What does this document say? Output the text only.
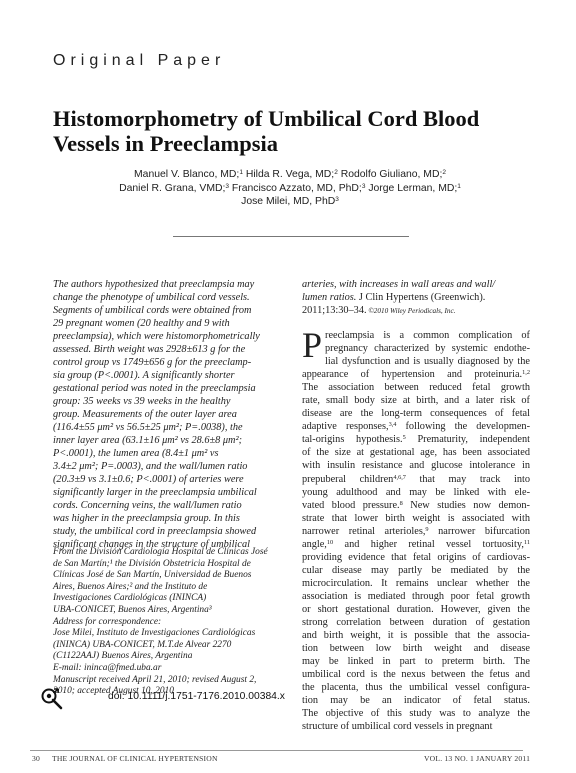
Original Paper
Histomorphometry of Umbilical Cord Blood
Vessels in Preeclampsia
Manuel V. Blanco, MD;$^1$ Hilda R. Vega, MD;$^2$ Rodolfo Giuliano, MD;$^2$
Daniel R. Grana, VMD;$^3$ Francisco Azzato, MD, PhD;$^3$ Jorge Lerman, MD;$^1$
Jose Milei, MD, PhD$^3$
The authors hypothesized that preeclampsia may
change the phenotype of umbilical cord vessels.
Segments of umbilical cords were obtained from
29 pregnant women (20 healthy and 9 with
preeclampsia), which were histomorphometrically
assessed. Birth weight was 2928±613 g for the
control group vs 1749±656 g for the preeclamp-
sia group (P<.0001). A significantly shorter
gestational period was noted in the preeclampsia
group: 35 weeks vs 39 weeks in the healthy
group. Measurements of the outer layer area
(116.4±55 μm² vs 56.5±25 μm²; P=.0038), the
inner layer area (63.1±16 μm² vs 28.6±8 μm²;
P<.0001), the lumen area (8.4±1 μm² vs
3.4±2 μm²; P=.0003), and the wall/lumen ratio
(20.3±9 vs 3.1±0.6; P<.0001) of arteries were
significantly larger in the preeclampsia umbilical
cords. Concerning veins, the wall/lumen ratio
was higher in the preeclampsia group. In this
study, the umbilical cord in preeclampsia showed
significant changes in the structure of umbilical
From the División Cardiología Hospital de Clínicas José
de San Martín;¹ the División Obstetricia Hospital de
Clínicas José de San Martín, Universidad de Buenos
Aires, Buenos Aires;² and the Instituto de
Investigaciones Cardiológicas (ININCA)
UBA-CONICET, Buenos Aires, Argentina³
Address for correspondence:
Jose Milei, Instituto de Investigaciones Cardiológicas
(ININCA) UBA-CONICET, M.T.de Alvear 2270
(C1122AAJ) Buenos Aires, Argentina
E-mail: ininca@fmed.uba.ar
Manuscript received April 21, 2010; revised August 2,
2010; accepted August 10, 2010
doi: 10.1111/j.1751-7176.2010.00384.x
arteries, with increases in wall areas and wall/
lumen ratios. J Clin Hypertens (Greenwich).
2011;13:30–34. ©2010 Wiley Periodicals, Inc.
P reeclampsia is a common complication of
pregnancy characterized by systemic endothe-
lial dysfunction and is usually diagnosed by the
appearance of hypertension and proteinuria.$^{1,2}$
The association between reduced fetal growth
rate, small body size at birth, and a later risk of
disease are the long-term consequences of fetal
adaptive responses,$^{3,4}$ following the developmen-
tal-origins hypothesis.$^5$ Prematurity, independent
of the size at gestational age, has been associated
with insulin resistance and glucose intolerance in
prepuberal children$^{4,6,7}$ that may track into
young adulthood and may be linked with ele-
vated blood pressure.$^8$ New studies now demon-
strate that lower birth weight is associated with
narrower retinal arterioles,$^9$ narrower bifurcation
angle,$^{10}$ and higher retinal vessel tortuosity,$^{11}$
providing evidence that fetal origins of cardiovas-
cular disease may partly be mediated by the
microcirculation. It remains unclear whether the
association is mediated through poor fetal growth
or short gestational duration. However, given the
strong correlation between duration of gestation
and birth weight, it is possible that the associa-
tion between low birth weight and disease
may be linked in part to preterm birth. The
umbilical cord is the nexus between the fetus and
the placenta, thus the umbilical vessel configura-
tion may be an indicator of fetal status.
The objective of this study was to analyze the
structure of umbilical cord vessels in pregnant
30 THE JOURNAL OF CLINICAL HYPERTENSION	VOL. 13 NO. 1 JANUARY 2011
